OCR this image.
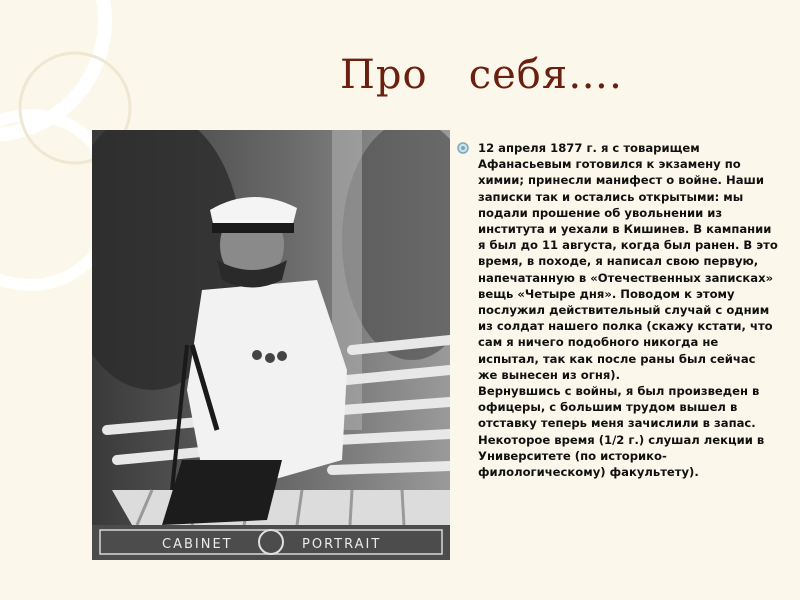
Про   себя….
CABINET	PORTRAIT

12 апреля 1877 г. я с товарищем Афанасьевым готовился к экзамену по химии; принесли манифест о войне. Наши записки так и остались открытыми: мы подали прошение об увольнении из института и уехали в Кишинев. В кампании я был до 11 августа, когда был ранен. В это время, в походе, я написал свою первую, напечатанную в «Отечественных записках» вещь «Четыре дня». Поводом к этому послужил действительный случай с одним из солдат нашего полка (скажу кстати, что сам я ничего подобного никогда не испытал, так как после раны был сейчас же вынесен из огня).

Вернувшись с войны, я был произведен в офицеры, с большим трудом вышел в отставку теперь меня зачислили в запас. Некоторое время (1/2 г.) слушал лекции в Университете (по историко-филологическому) факультету).
